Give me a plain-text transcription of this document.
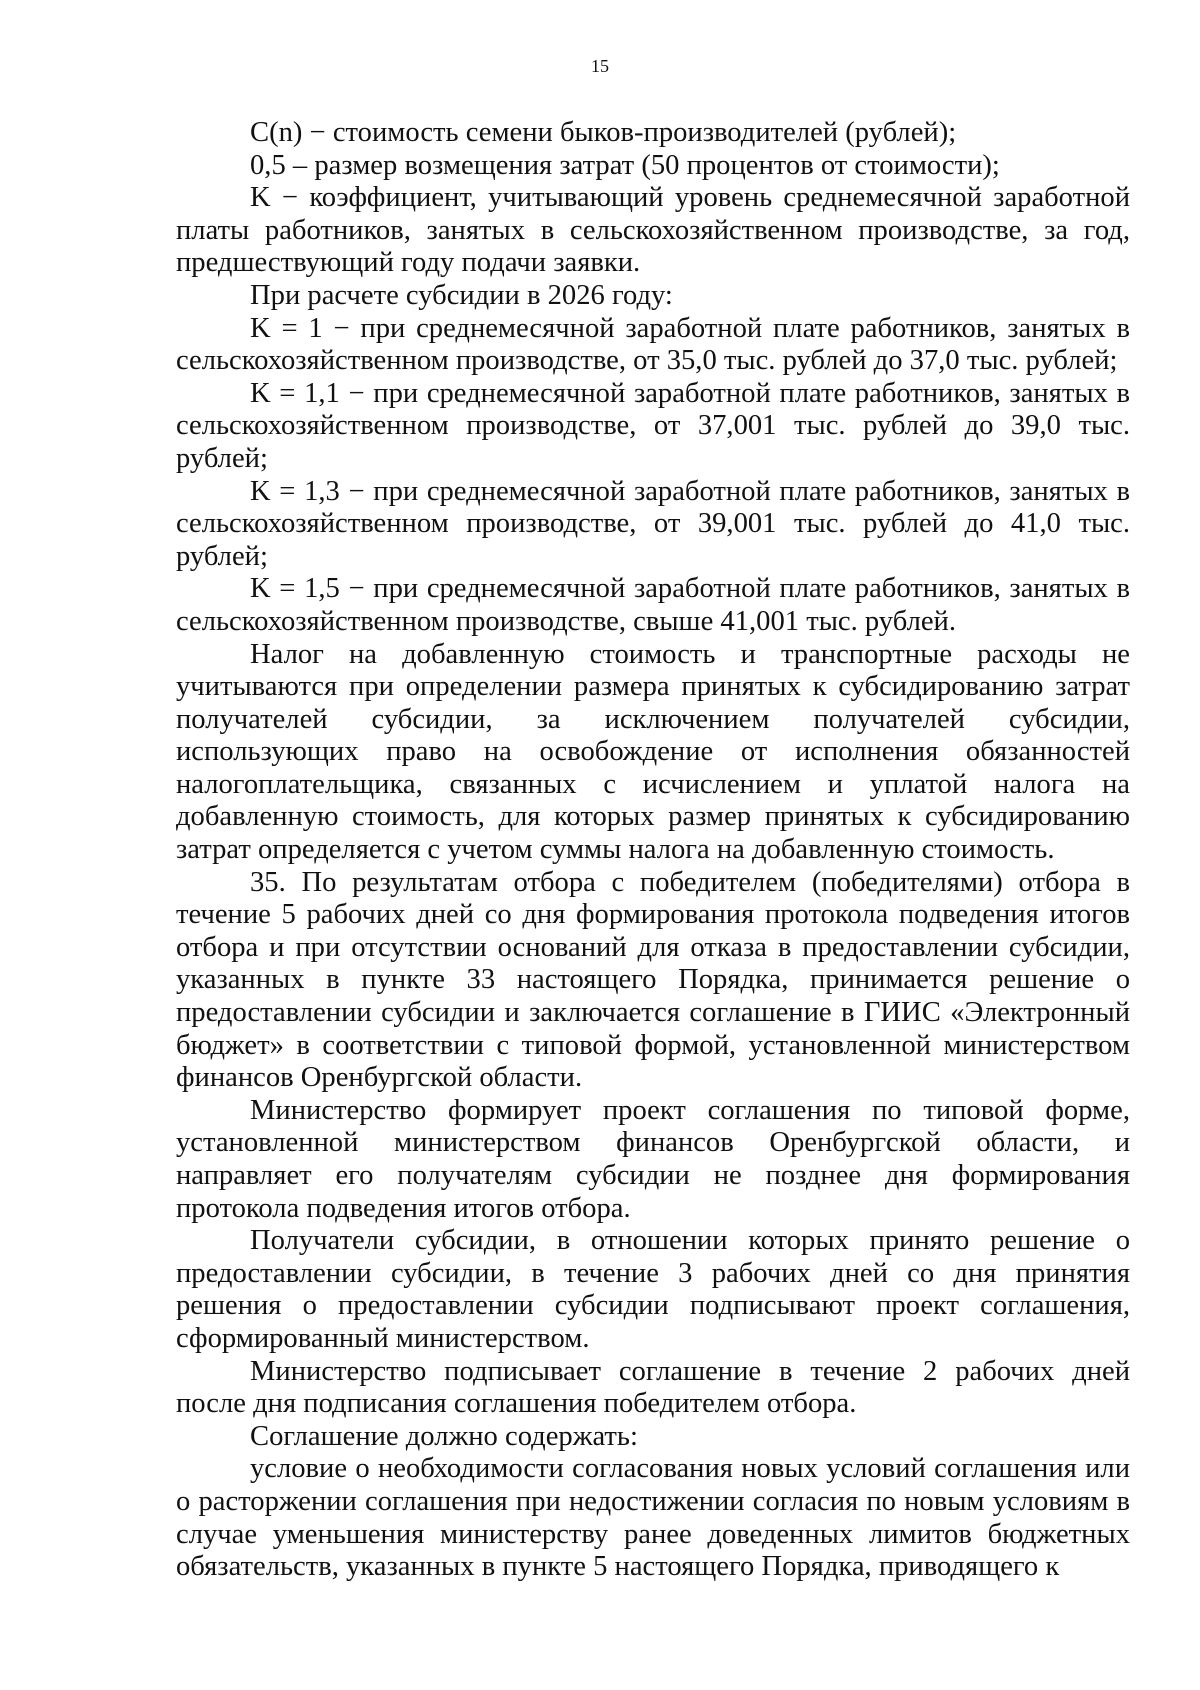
15

C(n) − стоимость семени быков-производителей (рублей);

0,5 – размер возмещения затрат (50 процентов от стоимости);

K − коэффициент, учитывающий уровень среднемесячной заработной платы работников, занятых в сельскохозяйственном производстве, за год, предшествующий году подачи заявки.

При расчете субсидии в 2026 году:

K = 1 − при среднемесячной заработной плате работников, занятых в сельскохозяйственном производстве, от 35,0 тыс. рублей до 37,0 тыс. рублей;

K = 1,1 − при среднемесячной заработной плате работников, занятых в сельскохозяйственном производстве, от 37,001 тыс. рублей до 39,0 тыс. рублей;

K = 1,3 − при среднемесячной заработной плате работников, занятых в сельскохозяйственном производстве, от 39,001 тыс. рублей до 41,0 тыс. рублей;

K = 1,5 − при среднемесячной заработной плате работников, занятых в сельскохозяйственном производстве, свыше 41,001 тыс. рублей.

Налог на добавленную стоимость и транспортные расходы не учитываются при определении размера принятых к субсидированию затрат получателей субсидии, за исключением получателей субсидии, использующих право на освобождение от исполнения обязанностей налогоплательщика, связанных с исчислением и уплатой налога на добавленную стоимость, для которых размер принятых к субсидированию затрат определяется с учетом суммы налога на добавленную стоимость.

35. По результатам отбора с победителем (победителями) отбора в течение 5 рабочих дней со дня формирования протокола подведения итогов отбора и при отсутствии оснований для отказа в предоставлении субсидии, указанных в пункте 33 настоящего Порядка, принимается решение о предоставлении субсидии и заключается соглашение в ГИИС «Электронный бюджет» в соответствии с типовой формой, установленной министерством финансов Оренбургской области.

Министерство формирует проект соглашения по типовой форме, установленной министерством финансов Оренбургской области, и направляет его получателям субсидии не позднее дня формирования протокола подведения итогов отбора.

Получатели субсидии, в отношении которых принято решение о предоставлении субсидии, в течение 3 рабочих дней со дня принятия решения о предоставлении субсидии подписывают проект соглашения, сформированный министерством.

Министерство подписывает соглашение в течение 2 рабочих дней после дня подписания соглашения победителем отбора.

Соглашение должно содержать:

условие о необходимости согласования новых условий соглашения или о расторжении соглашения при недостижении согласия по новым условиям в случае уменьшения министерству ранее доведенных лимитов бюджетных обязательств, указанных в пункте 5 настоящего Порядка, приводящего к
